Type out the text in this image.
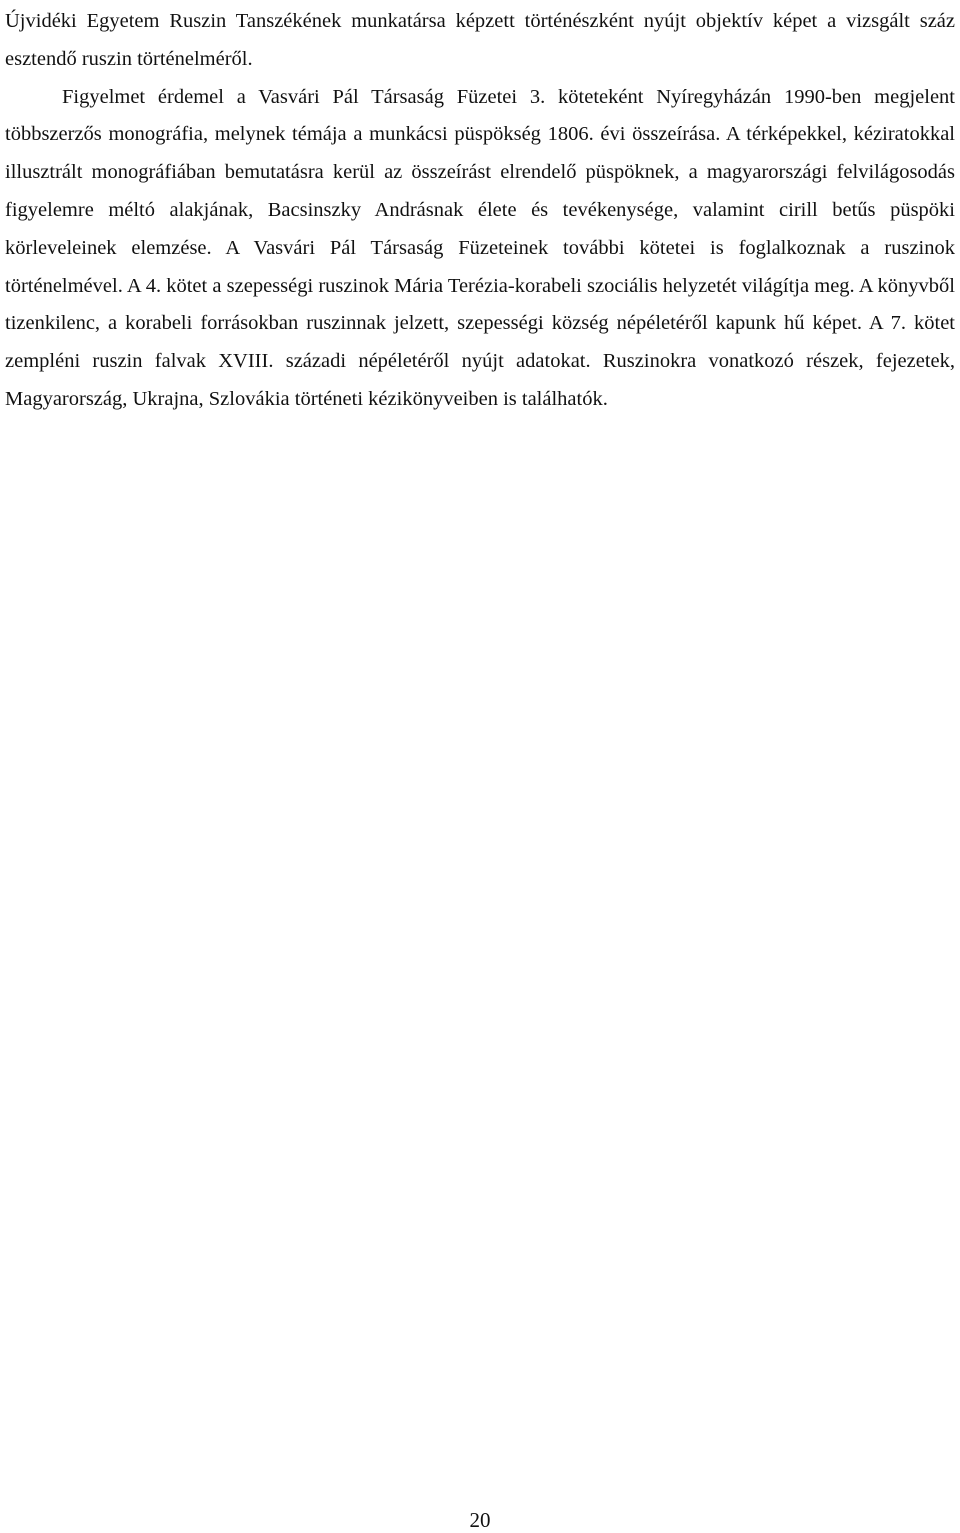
Újvidéki Egyetem Ruszin Tanszékének munkatársa képzett történészként nyújt objektív képet a vizsgált száz esztendő ruszin történelméről.

Figyelmet érdemel a Vasvári Pál Társaság Füzetei 3. köteteként Nyíregyházán 1990-ben megjelent többszerzős monográfia, melynek témája a munkácsi püspökség 1806. évi összeírása. A térképekkel, kéziratokkal illusztrált monográfiában bemutatásra kerül az összeírást elrendelő püspöknek, a magyarországi felvilágosodás figyelemre méltó alakjának, Bacsinszky Andrásnak élete és tevékenysége, valamint cirill betűs püspöki körleveleinek elemzése. A Vasvári Pál Társaság Füzeteinek további kötetei is foglalkoznak a ruszinok történelmével. A 4. kötet a szepességi ruszinok Mária Terézia-korabeli szociális helyzetét világítja meg. A könyvből tizenkilenc, a korabeli forrásokban ruszinnak jelzett, szepességi község népéletéről kapunk hű képet. A 7. kötet zempléni ruszin falvak XVIII. századi népéletéről nyújt adatokat. Ruszinokra vonatkozó részek, fejezetek, Magyarország, Ukrajna, Szlovákia történeti kézikönyveiben is találhatók.

20
